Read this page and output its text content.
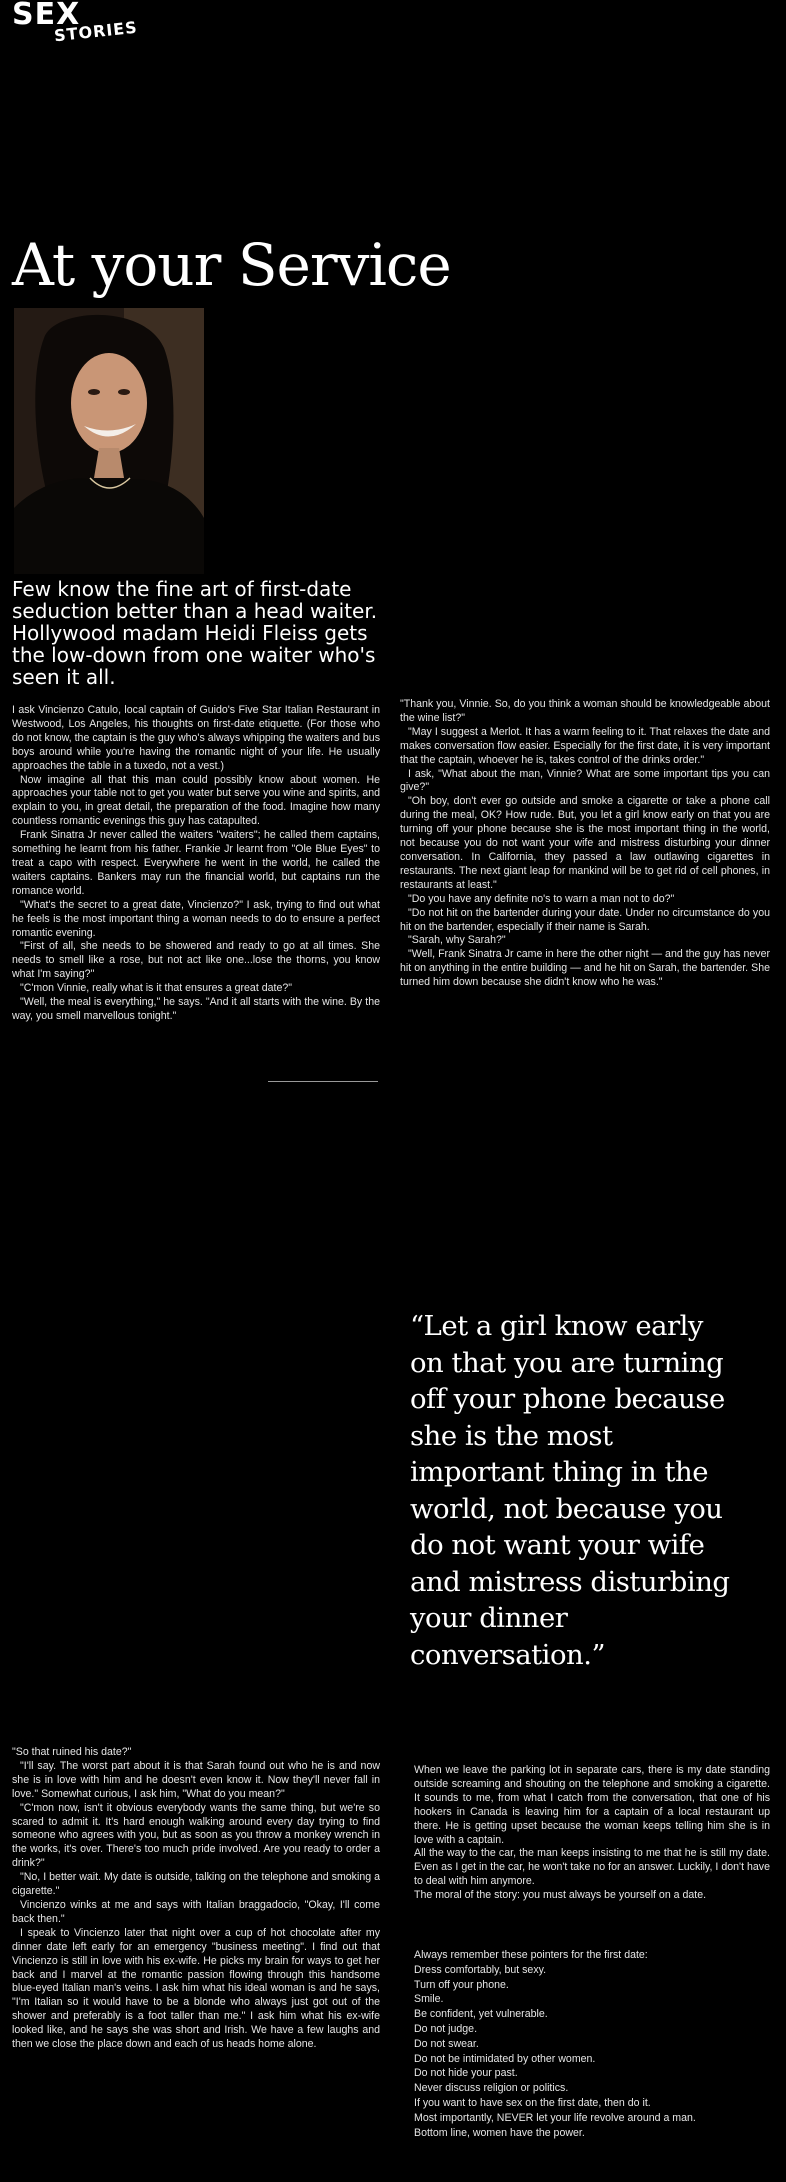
SEX
STORIES
At your Service

Few know the fine art of first-date seduction better than a head waiter. Hollywood madam Heidi Fleiss gets the low-down from one waiter who's seen it all.

I ask Vincienzo Catulo, local captain of Guido's Five Star Italian Restaurant in Westwood, Los Angeles, his thoughts on first-date etiquette. (For those who do not know, the captain is the guy who's always whipping the waiters and bus boys around while you're having the romantic night of your life. He usually approaches the table in a tuxedo, not a vest.)

Now imagine all that this man could possibly know about women. He approaches your table not to get you water but serve you wine and spirits, and explain to you, in great detail, the preparation of the food. Imagine how many countless romantic evenings this guy has catapulted.

Frank Sinatra Jr never called the waiters "waiters"; he called them captains, something he learnt from his father. Frankie Jr learnt from "Ole Blue Eyes" to treat a capo with respect. Everywhere he went in the world, he called the waiters captains. Bankers may run the financial world, but captains run the romance world.

"What's the secret to a great date, Vincienzo?" I ask, trying to find out what he feels is the most important thing a woman needs to do to ensure a perfect romantic evening.

"First of all, she needs to be showered and ready to go at all times. She needs to smell like a rose, but not act like one...lose the thorns, you know what I'm saying?"

"C'mon Vinnie, really what is it that ensures a great date?"

"Well, the meal is everything," he says. "And it all starts with the wine. By the way, you smell marvellous tonight."

"Thank you, Vinnie. So, do you think a woman should be knowledgeable about the wine list?"

"May I suggest a Merlot. It has a warm feeling to it. That relaxes the date and makes conversation flow easier. Especially for the first date, it is very important that the captain, whoever he is, takes control of the drinks order."

I ask, "What about the man, Vinnie? What are some important tips you can give?"

"Oh boy, don't ever go outside and smoke a cigarette or take a phone call during the meal, OK? How rude. But, you let a girl know early on that you are turning off your phone because she is the most important thing in the world, not because you do not want your wife and mistress disturbing your dinner conversation. In California, they passed a law outlawing cigarettes in restaurants. The next giant leap for mankind will be to get rid of cell phones, in restaurants at least."

"Do you have any definite no's to warn a man not to do?"

"Do not hit on the bartender during your date. Under no circumstance do you hit on the bartender, especially if their name is Sarah.

"Sarah, why Sarah?"

"Well, Frank Sinatra Jr came in here the other night — and the guy has never hit on anything in the entire building — and he hit on Sarah, the bartender. She turned him down because she didn't know who he was."

“Let a girl know early on that you are turning off your phone because she is the most important thing in the world, not because you do not want your wife and mistress disturbing your dinner conversation.”

"So that ruined his date?"

"I'll say. The worst part about it is that Sarah found out who he is and now she is in love with him and he doesn't even know it. Now they'll never fall in love." Somewhat curious, I ask him, "What do you mean?"

"C'mon now, isn't it obvious everybody wants the same thing, but we're so scared to admit it. It's hard enough walking around every day trying to find someone who agrees with you, but as soon as you throw a monkey wrench in the works, it's over. There's too much pride involved. Are you ready to order a drink?"

"No, I better wait. My date is outside, talking on the telephone and smoking a cigarette."

Vincienzo winks at me and says with Italian braggadocio, "Okay, I'll come back then."

I speak to Vincienzo later that night over a cup of hot chocolate after my dinner date left early for an emergency "business meeting". I find out that Vincienzo is still in love with his ex-wife. He picks my brain for ways to get her back and I marvel at the romantic passion flowing through this handsome blue-eyed Italian man's veins. I ask him what his ideal woman is and he says, "I'm Italian so it would have to be a blonde who always just got out of the shower and preferably is a foot taller than me." I ask him what his ex-wife looked like, and he says she was short and Irish. We have a few laughs and then we close the place down and each of us heads home alone.

When we leave the parking lot in separate cars, there is my date standing outside screaming and shouting on the telephone and smoking a cigarette. It sounds to me, from what I catch from the conversation, that one of his hookers in Canada is leaving him for a captain of a local restaurant up there. He is getting upset because the woman keeps telling him she is in love with a captain.

All the way to the car, the man keeps insisting to me that he is still my date. Even as I get in the car, he won't take no for an answer. Luckily, I don't have to deal with him anymore.

The moral of the story: you must always be yourself on a date.

Always remember these pointers for the first date:
Dress comfortably, but sexy.
Turn off your phone.
Smile.
Be confident, yet vulnerable.
Do not judge.
Do not swear.
Do not be intimidated by other women.
Do not hide your past.
Never discuss religion or politics.
If you want to have sex on the first date, then do it.
Most importantly, NEVER let your life revolve around a man.
Bottom line, women have the power.
